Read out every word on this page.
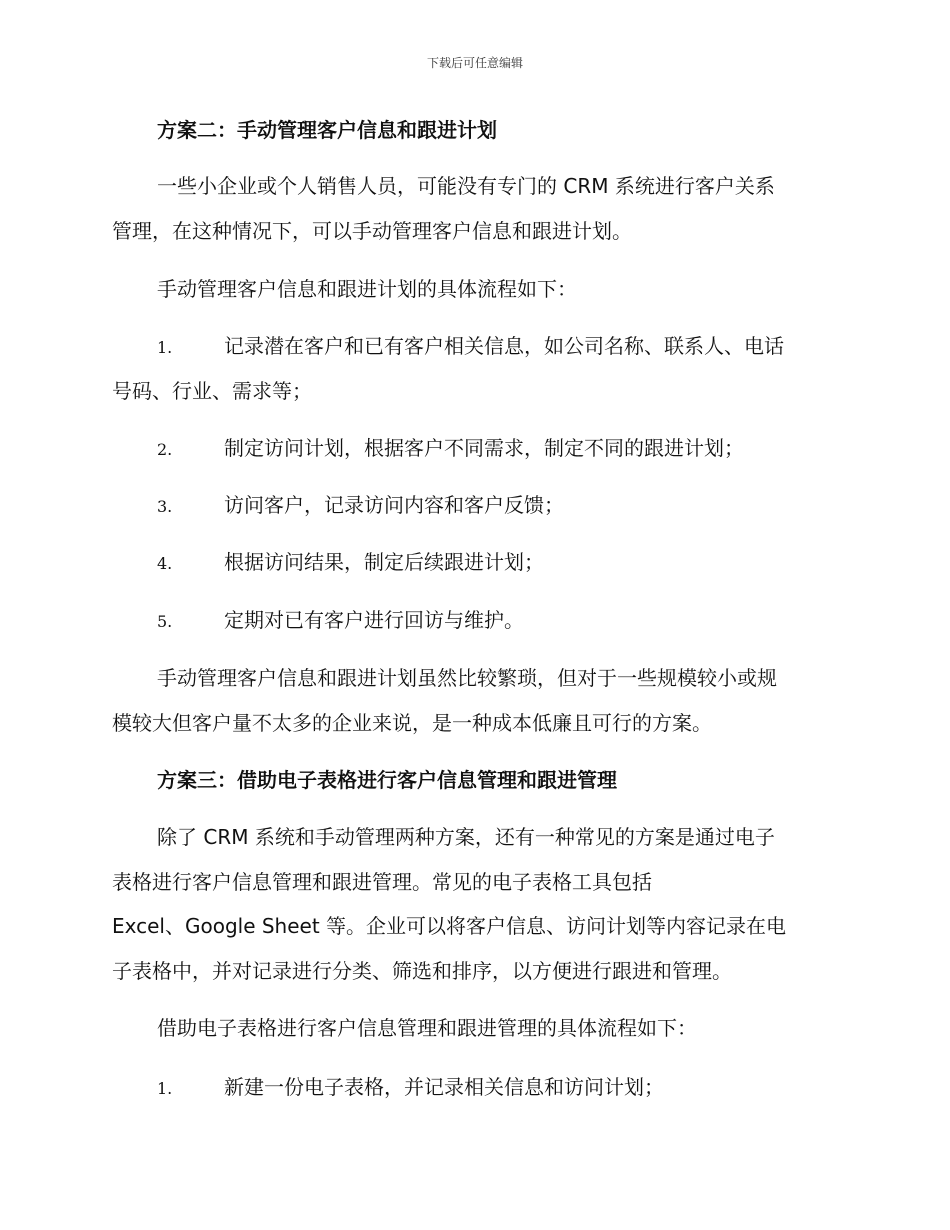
下载后可任意编辑
方案二：手动管理客户信息和跟进计划
一些小企业或个人销售人员，可能没有专门的 CRM 系统进行客户关系
管理，在这种情况下，可以手动管理客户信息和跟进计划。
手动管理客户信息和跟进计划的具体流程如下：
1.	记录潜在客户和已有客户相关信息，如公司名称、联系人、电话
号码、行业、需求等；
2.	制定访问计划，根据客户不同需求，制定不同的跟进计划；
3.	访问客户，记录访问内容和客户反馈；
4.	根据访问结果，制定后续跟进计划；
5.	定期对已有客户进行回访与维护。
手动管理客户信息和跟进计划虽然比较繁琐，但对于一些规模较小或规
模较大但客户量不太多的企业来说，是一种成本低廉且可行的方案。
方案三：借助电子表格进行客户信息管理和跟进管理
除了 CRM 系统和手动管理两种方案，还有一种常见的方案是通过电子
表格进行客户信息管理和跟进管理。常见的电子表格工具包括
Excel、Google Sheet 等。企业可以将客户信息、访问计划等内容记录在电
子表格中，并对记录进行分类、筛选和排序，以方便进行跟进和管理。
借助电子表格进行客户信息管理和跟进管理的具体流程如下：
1.	新建一份电子表格，并记录相关信息和访问计划；
